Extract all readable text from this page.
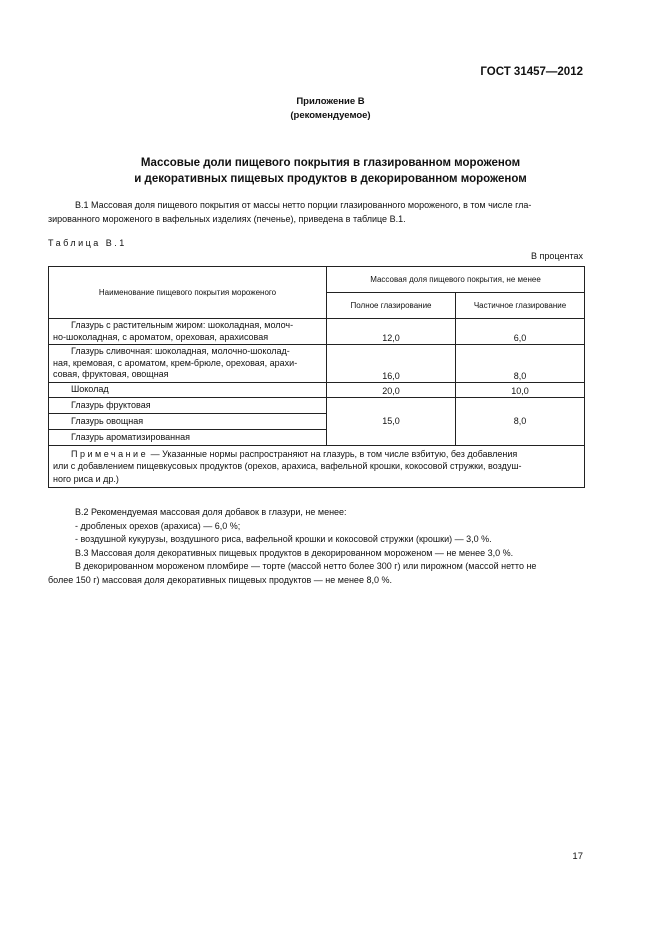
ГОСТ 31457—2012
Приложение В
(рекомендуемое)
Массовые доли пищевого покрытия в глазированном мороженом
и декоративных пищевых продуктов в декорированном мороженом

В.1 Массовая доля пищевого покрытия от массы нетто порции глазированного мороженого, в том числе гла-

зированного мороженого в вафельных изделиях (печенье), приведена в таблице В.1.

Таблица В.1
В процентах
Наименование пищевого покрытия мороженого	Массовая доля пищевого покрытия, не менее	
	Полное глазирование	Частичное глазирование

Глазурь с растительным жиром: шоколадная, молоч-
но-шоколадная, с ароматом, ореховая, арахисовая	12,0	6,0

Глазурь сливочная: шоколадная, молочно-шоколад-
ная, кремовая, с ароматом, крем-брюле, ореховая, арахи-
совая, фруктовая, овощная	16,0	8,0
Шоколад	20,0	10,0
Глазурь фруктовая	15,0	8,0
Глазурь овощная		
Глазурь ароматизированная		

Примечание — Указанные нормы распространяют на глазурь, в том числе взбитую, без добавления
или с добавлением пищевкусовых продуктов (орехов, арахиса, вафельной крошки, кокосовой стружки, воздуш-
ного риса и др.)		

В.2 Рекомендуемая массовая доля добавок в глазури, не менее:

- дробленых орехов (арахиса) — 6,0 %;

- воздушной кукурузы, воздушного риса, вафельной крошки и кокосовой стружки (крошки) — 3,0 %.

В.3 Массовая доля декоративных пищевых продуктов в декорированном мороженом — не менее 3,0 %.

В декорированном мороженом пломбире — торте (массой нетто более 300 г) или пирожном (массой нетто не

более 150 г) массовая доля декоративных пищевых продуктов — не менее 8,0 %.

17
